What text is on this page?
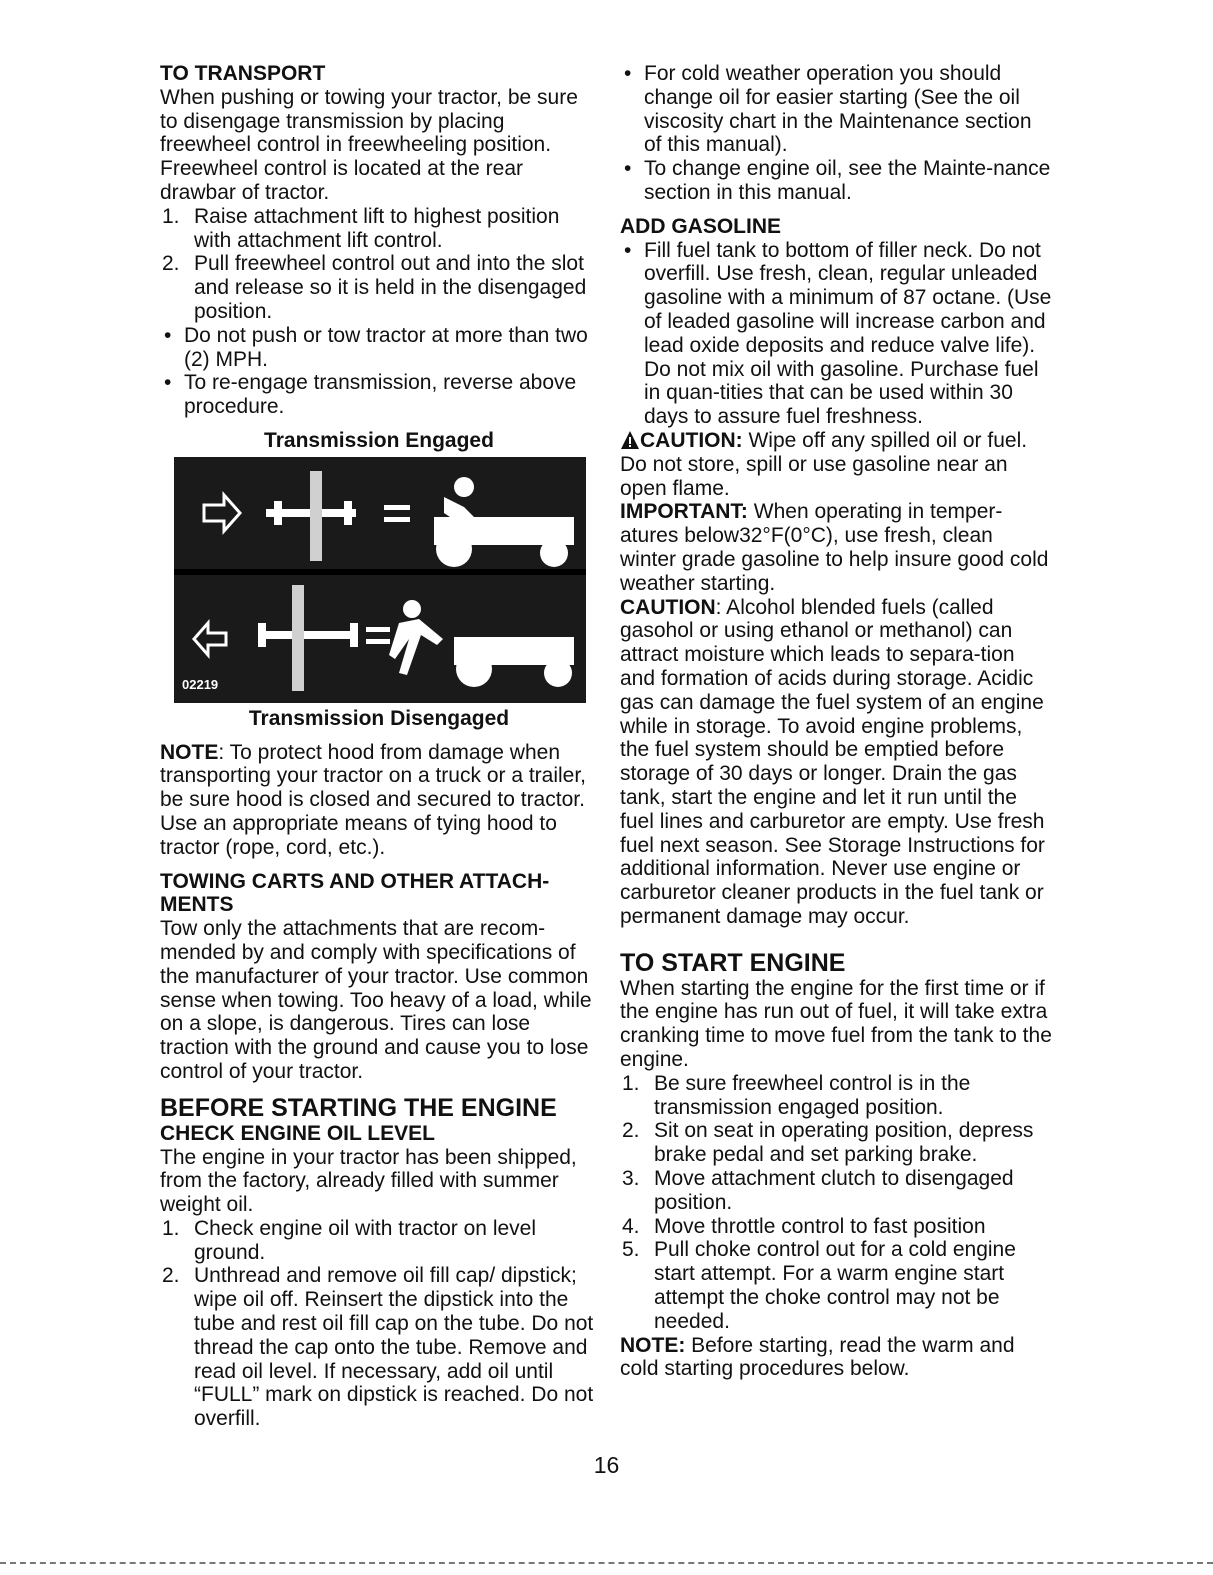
TO TRANSPORT

When pushing or towing your tractor, be sure to disengage transmission by placing freewheel control in freewheeling position. Freewheel control is located at the rear drawbar of tractor.

1. Raise attachment lift to highest position with attachment lift control.
2. Pull freewheel control out and into the slot and release so it is held in the disengaged position.
• Do not push or tow tractor at more than two (2) MPH.
• To re-engage transmission, reverse above procedure.
Transmission Engaged
02219
Transmission Disengaged

NOTE: To protect hood from damage when transporting your tractor on a truck or a trailer, be sure hood is closed and secured to tractor. Use an appropriate means of tying hood to tractor (rope, cord, etc.).

TOWING CARTS AND OTHER ATTACH-MENTS

Tow only the attachments that are recom-mended by and comply with specifications of the manufacturer of your tractor. Use common sense when towing. Too heavy of a load, while on a slope, is dangerous. Tires can lose traction with the ground and cause you to lose control of your tractor.

BEFORE STARTING THE ENGINE

CHECK ENGINE OIL LEVEL

The engine in your tractor has been shipped, from the factory, already filled with summer weight oil.

1. Check engine oil with tractor on level ground.
2. Unthread and remove oil fill cap/ dipstick; wipe oil off. Reinsert the dipstick into the tube and rest oil fill cap on the tube. Do not thread the cap onto the tube. Remove and read oil level. If necessary, add oil until “FULL” mark on dipstick is reached. Do not overfill.
• For cold weather operation you should change oil for easier starting (See the oil viscosity chart in the Maintenance section of this manual).
• To change engine oil, see the Mainte-nance section in this manual.

ADD GASOLINE

• Fill fuel tank to bottom of filler neck. Do not overfill. Use fresh, clean, regular unleaded gasoline with a minimum of 87 octane. (Use of leaded gasoline will increase carbon and lead oxide deposits and reduce valve life). Do not mix oil with gasoline. Purchase fuel in quan-tities that can be used within 30 days to assure fuel freshness.

CAUTION: Wipe off any spilled oil or fuel. Do not store, spill or use gasoline near an open flame.

IMPORTANT: When operating in temper-atures below32°F(0°C), use fresh, clean winter grade gasoline to help insure good cold weather starting.

CAUTION: Alcohol blended fuels (called gasohol or using ethanol or methanol) can attract moisture which leads to separa-tion and formation of acids during storage. Acidic gas can damage the fuel system of an engine while in storage. To avoid engine problems, the fuel system should be emptied before storage of 30 days or longer. Drain the gas tank, start the engine and let it run until the fuel lines and carburetor are empty. Use fresh fuel next season. See Storage Instructions for additional information. Never use engine or carburetor cleaner products in the fuel tank or permanent damage may occur.

TO START ENGINE

When starting the engine for the first time or if the engine has run out of fuel, it will take extra cranking time to move fuel from the tank to the engine.

1. Be sure freewheel control is in the transmission engaged position.
2. Sit on seat in operating position, depress brake pedal and set parking brake.
3. Move attachment clutch to disengaged position.
4. Move throttle control to fast position
5. Pull choke control out for a cold engine start attempt. For a warm engine start attempt the choke control may not be needed.

NOTE: Before starting, read the warm and cold starting procedures below.

16
